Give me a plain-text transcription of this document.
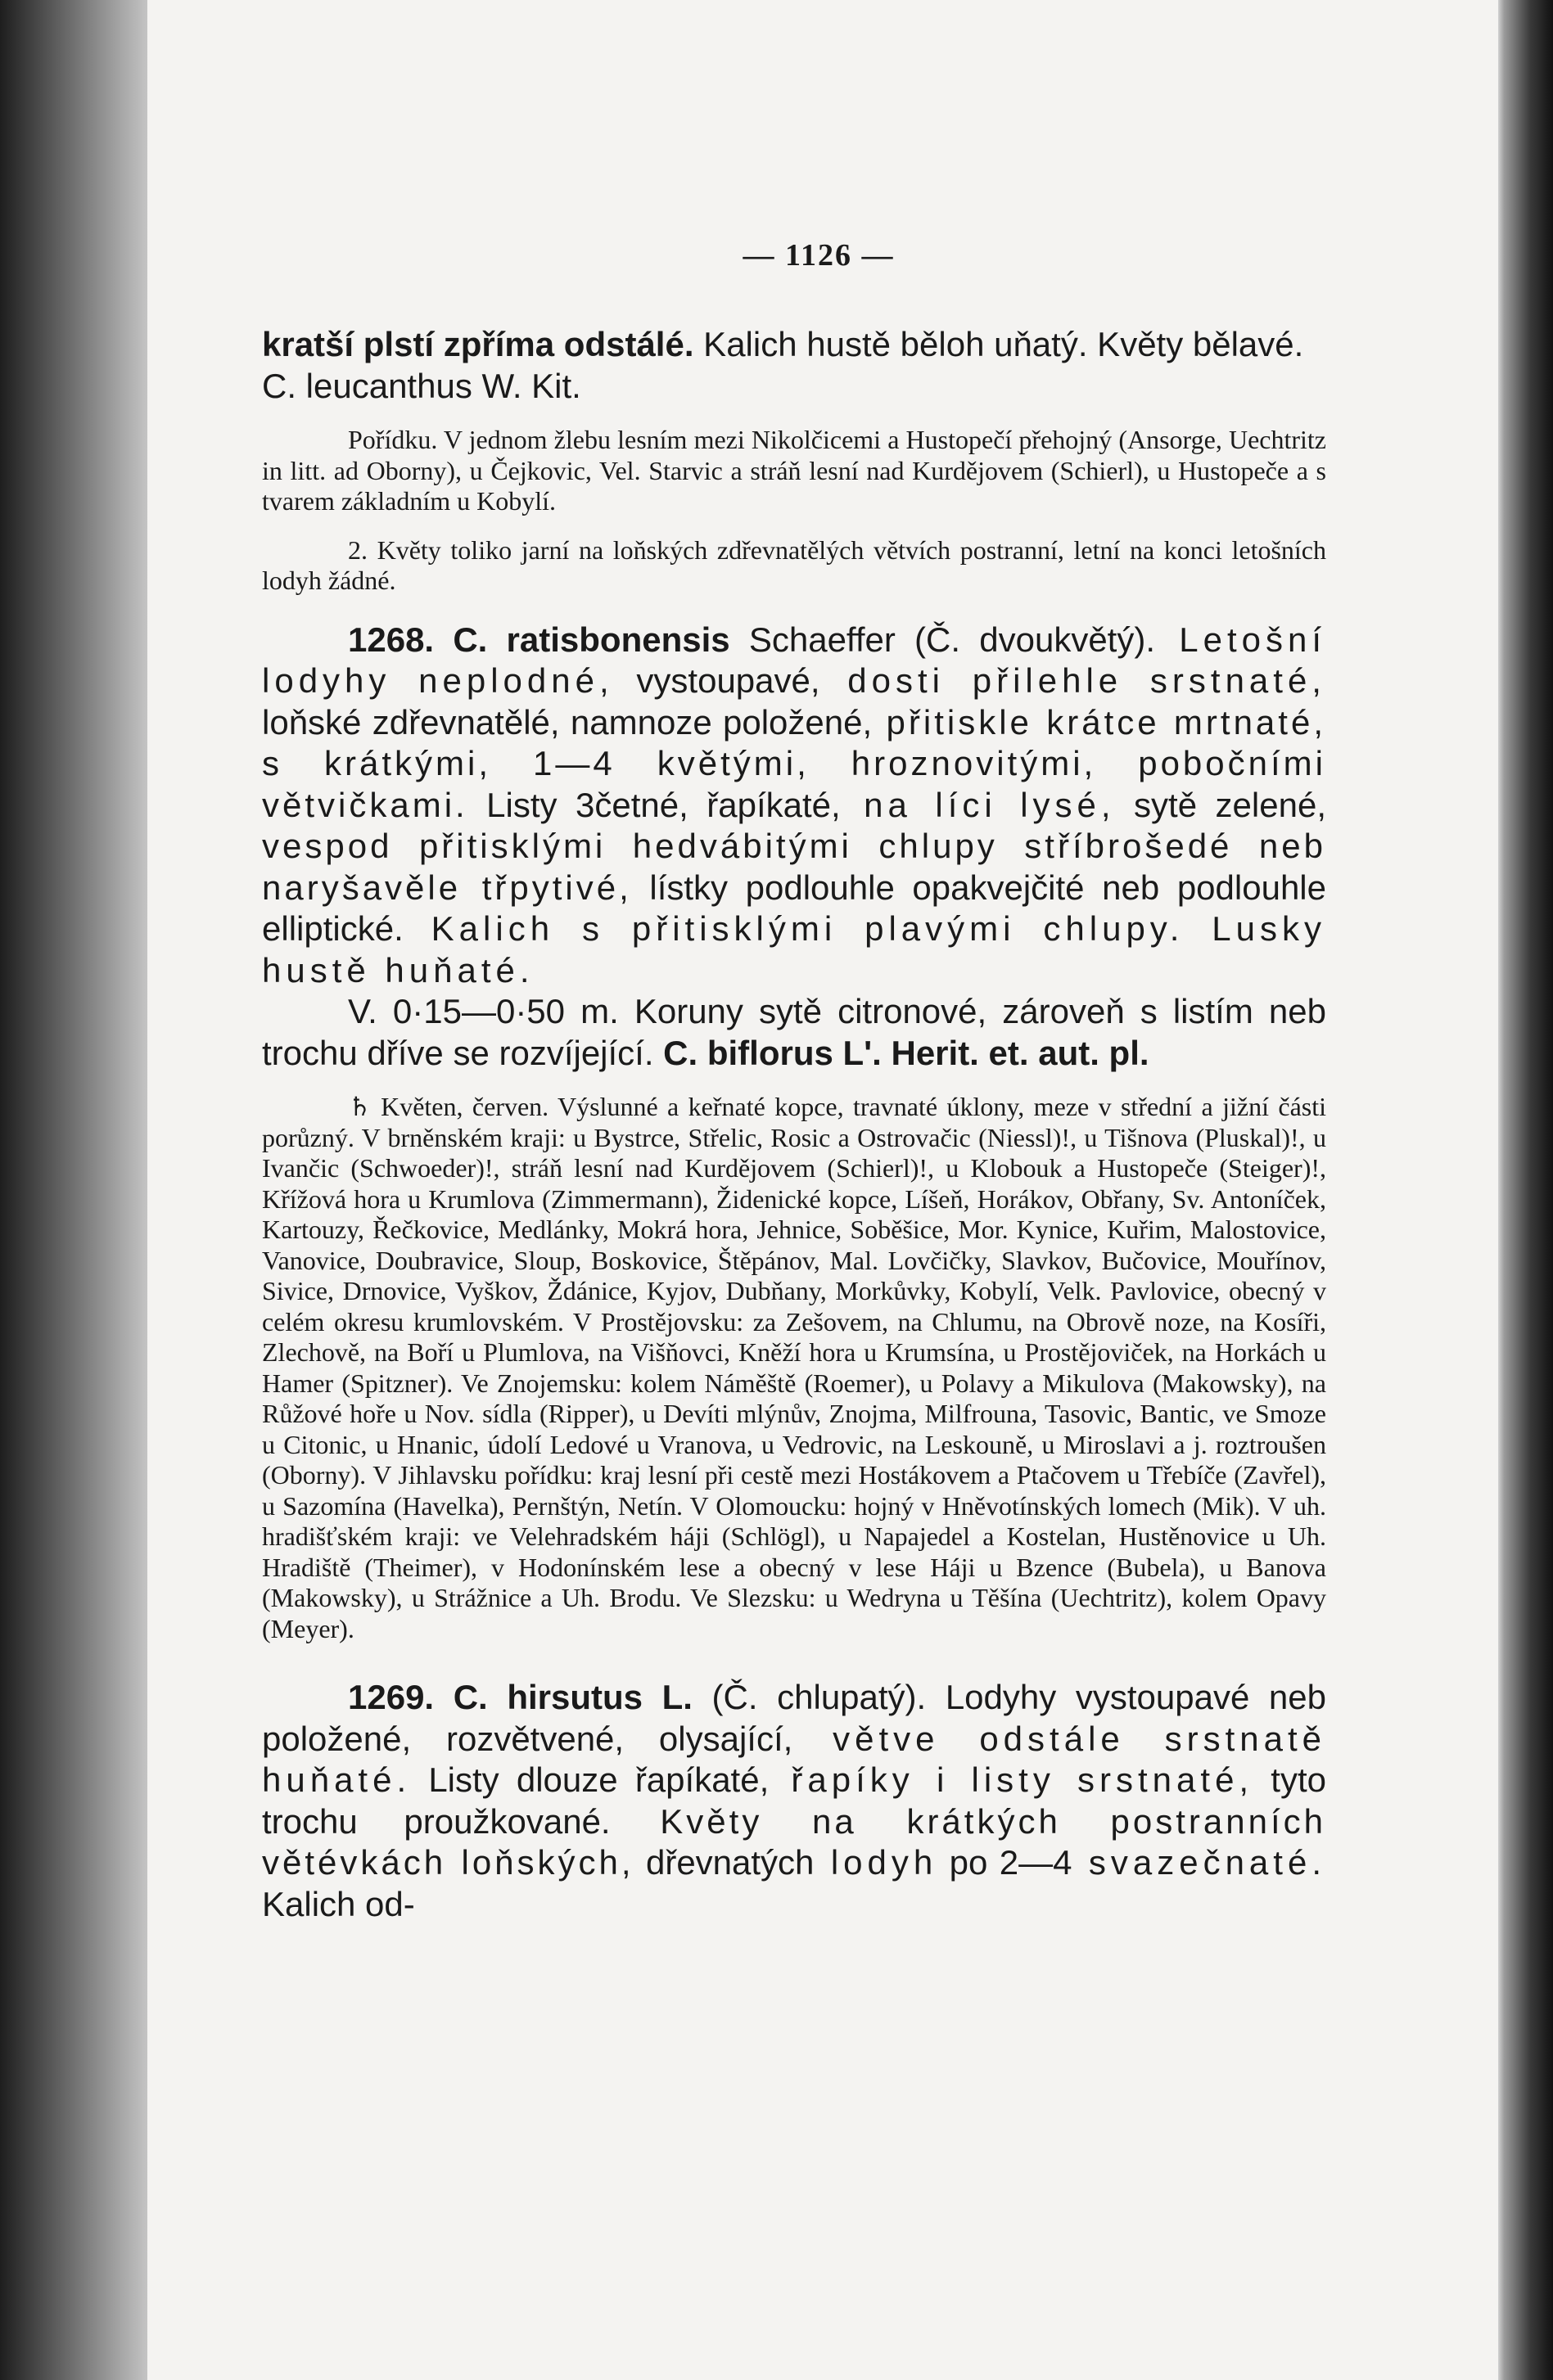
— 1126 —

kratší plstí zpříma odstálé. Kalich hustě běloh uňatý. Květy bělavé.
C. leucanthus W. Kit.

Pořídku. V jednom žlebu lesním mezi Nikolčicemi a Hustopečí přehojný (Ansorge, Uechtritz in litt. ad Oborny), u Čejkovic, Vel. Starvic a stráň lesní nad Kurdějovem (Schierl), u Hustopeče a s tvarem základním u Kobylí.

2. Květy toliko jarní na loňských zdřevnatělých větvích postranní, letní na konci letošních lodyh žádné.

1268. C. ratisbonensis Schaeffer (Č. dvoukvětý). Letošní lodyhy neplodné, vystoupavé, dosti přilehle srstnaté, loňské zdřevnatělé, namnoze položené, přitiskle krátce mrtnaté, s krátkými, 1—4 květými, hroznovitými, pobočními větvičkami. Listy 3četné, řapíkaté, na líci lysé, sytě zelené, vespod přitisklými hedvábitými chlupy stříbrošedé neb naryšavěle třpytivé, lístky podlouhle opakvejčité neb podlouhle elliptické. Kalich s přitisklými plavými chlupy. Lusky hustě huňaté.

V. 0·15—0·50 m. Koruny sytě citronové, zároveň s listím neb trochu dříve se rozvíjející. C. biflorus L'. Herit. et. aut. pl.

♄ Květen, červen. Výslunné a keřnaté kopce, travnaté úklony, meze v střední a jižní části porůzný. V brněnském kraji: u Bystrce, Střelic, Rosic a Ostrovačic (Niessl)!, u Tišnova (Pluskal)!, u Ivančic (Schwoeder)!, stráň lesní nad Kurdějovem (Schierl)!, u Klobouk a Hustopeče (Steiger)!, Křížová hora u Krumlova (Zimmermann), Židenické kopce, Líšeň, Horákov, Obřany, Sv. Antoníček, Kartouzy, Řečkovice, Medlánky, Mokrá hora, Jehnice, Soběšice, Mor. Kynice, Kuřim, Malostovice, Vanovice, Doubravice, Sloup, Boskovice, Štěpánov, Mal. Lovčičky, Slavkov, Bučovice, Mouřínov, Sivice, Drnovice, Vyškov, Ždánice, Kyjov, Dubňany, Morkůvky, Kobylí, Velk. Pavlovice, obecný v celém okresu krumlovském. V Prostějovsku: za Zešovem, na Chlumu, na Obrově noze, na Kosíři, Zlechově, na Boří u Plumlova, na Višňovci, Kněží hora u Krumsína, u Prostějoviček, na Horkách u Hamer (Spitzner). Ve Znojemsku: kolem Náměště (Roemer), u Polavy a Mikulova (Makowsky), na Růžové hoře u Nov. sídla (Ripper), u Devíti mlýnův, Znojma, Milfrouna, Tasovic, Bantic, ve Smoze u Citonic, u Hnanic, údolí Ledové u Vranova, u Vedrovic, na Leskouně, u Miroslavi a j. roztroušen (Oborny). V Jihlavsku pořídku: kraj lesní při cestě mezi Hostákovem a Ptačovem u Třebíče (Zavřel), u Sazomína (Havelka), Pernštýn, Netín. V Olomoucku: hojný v Hněvotínských lomech (Mik). V uh. hradišťském kraji: ve Velehradském háji (Schlögl), u Napajedel a Kostelan, Hustěnovice u Uh. Hradiště (Theimer), v Hodonínském lese a obecný v lese Háji u Bzence (Bubela), u Banova (Makowsky), u Strážnice a Uh. Brodu. Ve Slezsku: u Wedryna u Těšína (Uechtritz), kolem Opavy (Meyer).

1269. C. hirsutus L. (Č. chlupatý). Lodyhy vystoupavé neb položené, rozvětvené, olysající, větve odstále srstnatě huňaté. Listy dlouze řapíkaté, řapíky i listy srstnaté, tyto trochu proužkované. Květy na krátkých postranních větévkách loňských, dřevnatých lodyh po 2—4 svazečnaté. Kalich od-
